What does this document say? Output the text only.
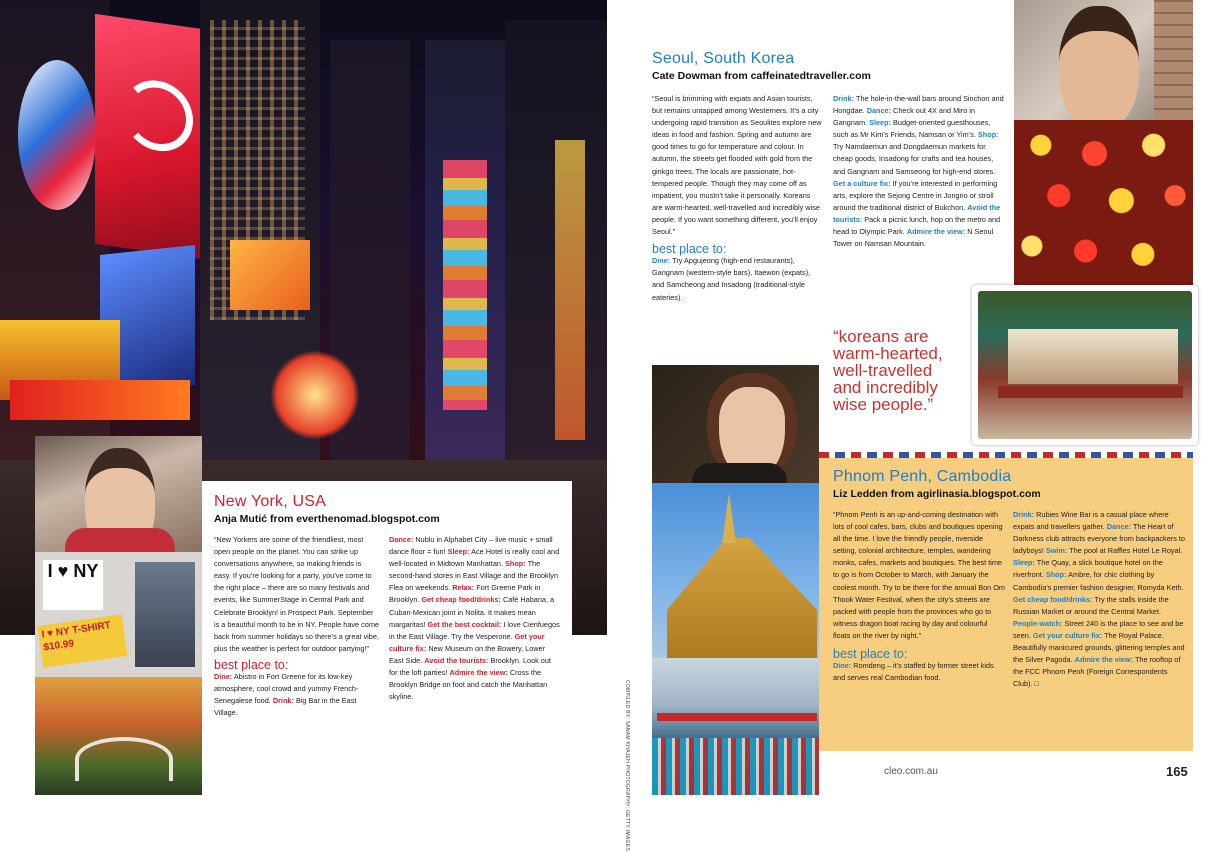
I ♥ NY
I ♥ NY T-SHIRT $10.99
New York, USA

Anja Mutić from everthenomad.blogspot.com

“New Yorkers are some of the friendliest, most open people on the planet. You can strike up conversations anywhere, so making friends is easy. If you’re looking for a party, you’ve come to the right place – there are so many festivals and events, like SummerStage in Central Park and Celebrate Brooklyn! in Prospect Park. September is a beautiful month to be in NY. People have come back from summer holidays so there’s a great vibe, plus the weather is perfect for outdoor partying!”

best place to:

Dine: Abistro in Fort Greene for its low-key atmosphere, cool crowd and yummy French-Senegalese food. Drink: Big Bar in the East Village.

Dance: Nublu in Alphabet City – live music + small dance floor = fun! Sleep: Ace Hotel is really cool and well-located in Midtown Manhattan. Shop: The second-hand stores in East Village and the Brooklyn Flea on weekends. Relax: Fort Greene Park in Brooklyn. Get cheap food/drinks: Café Habana, a Cuban-Mexican joint in Nolita. It makes mean margaritas! Get the best cocktail: I love Cienfuegos in the East Village. Try the Vesperone. Get your culture fix: New Museum on the Bowery, Lower East Side. Avoid the tourists: Brooklyn. Look out for the loft parties! Admire the view: Cross the Brooklyn Bridge on foot and catch the Manhattan skyline.	COMPILED BY: SANAM KHAJEH PHOTOGRAPHY: GETTY IMAGES
Seoul, South Korea

Cate Dowman from caffeinatedtraveller.com

“Seoul is brimming with expats and Asian tourists, but remains untapped among Westerners. It’s a city undergoing rapid transition as Seoulites explore new ideas in food and fashion. Spring and autumn are good times to go for temperature and colour. In autumn, the streets get flooded with gold from the ginkgo trees. The locals are passionate, hot-tempered people. Though they may come off as impatient, you mustn’t take it personally. Koreans are warm-hearted, well-travelled and incredibly wise people. If you want something different, you’ll enjoy Seoul.”

best place to:

Dine: Try Apgujeong (high-end restaurants), Gangnam (western-style bars), Itaewon (expats), and Samcheong and Insadong (traditional-style eateries).

Drink: The hole-in-the-wall bars around Sinchon and Hongdae. Dance: Check out 4X and Miro in Gangnam. Sleep: Budget-oriented guesthouses, such as Mr Kim’s Friends, Namsan or Yim’s. Shop: Try Namdaemun and Dongdaemun markets for cheap goods, Insadong for crafts and tea houses, and Gangnam and Samseong for high-end stores. Get a culture fix: If you’re interested in performing arts, explore the Sejong Centre in Jongno or stroll around the traditional district of Bukchon. Avoid the tourists: Pack a picnic lunch, hop on the metro and head to Olympic Park. Admire the view: N Seoul Tower on Namsan Mountain.

“koreans are warm-hearted, well-travelled and incredibly wise people.”
Phnom Penh, Cambodia

Liz Ledden from agirlinasia.blogspot.com

“Phnom Penh is an up-and-coming destination with lots of cool cafes, bars, clubs and boutiques opening all the time. I love the friendly people, riverside setting, colonial architecture, temples, wandering monks, cafes, markets and boutiques. The best time to go is from October to March, with January the coolest month. Try to be there for the annual Bon Om Thook Water Festival, when the city’s streets are packed with people from the provinces who go to witness dragon boat racing by day and colourful floats on the river by night.”

best place to:

Dine: Romdeng – it’s staffed by former street kids and serves real Cambodian food.

Drink: Rubies Wine Bar is a casual place where expats and travellers gather. Dance: The Heart of Darkness club attracts everyone from backpackers to ladyboys! Swim: The pool at Raffles Hotel Le Royal. Sleep: The Quay, a slick boutique hotel on the riverfront. Shop: Ambre, for chic clothing by Cambodia’s premier fashion designer, Romyda Keth. Get cheap food/drinks: Try the stalls inside the Russian Market or around the Central Market. People-watch: Street 240 is the place to see and be seen. Get your culture fix: The Royal Palace. Beautifully manicured grounds, glittering temples and the Silver Pagoda. Admire the view: The rooftop of the FCC Phnom Penh (Foreign Correspondents Club). □

cleo.com.au	165
